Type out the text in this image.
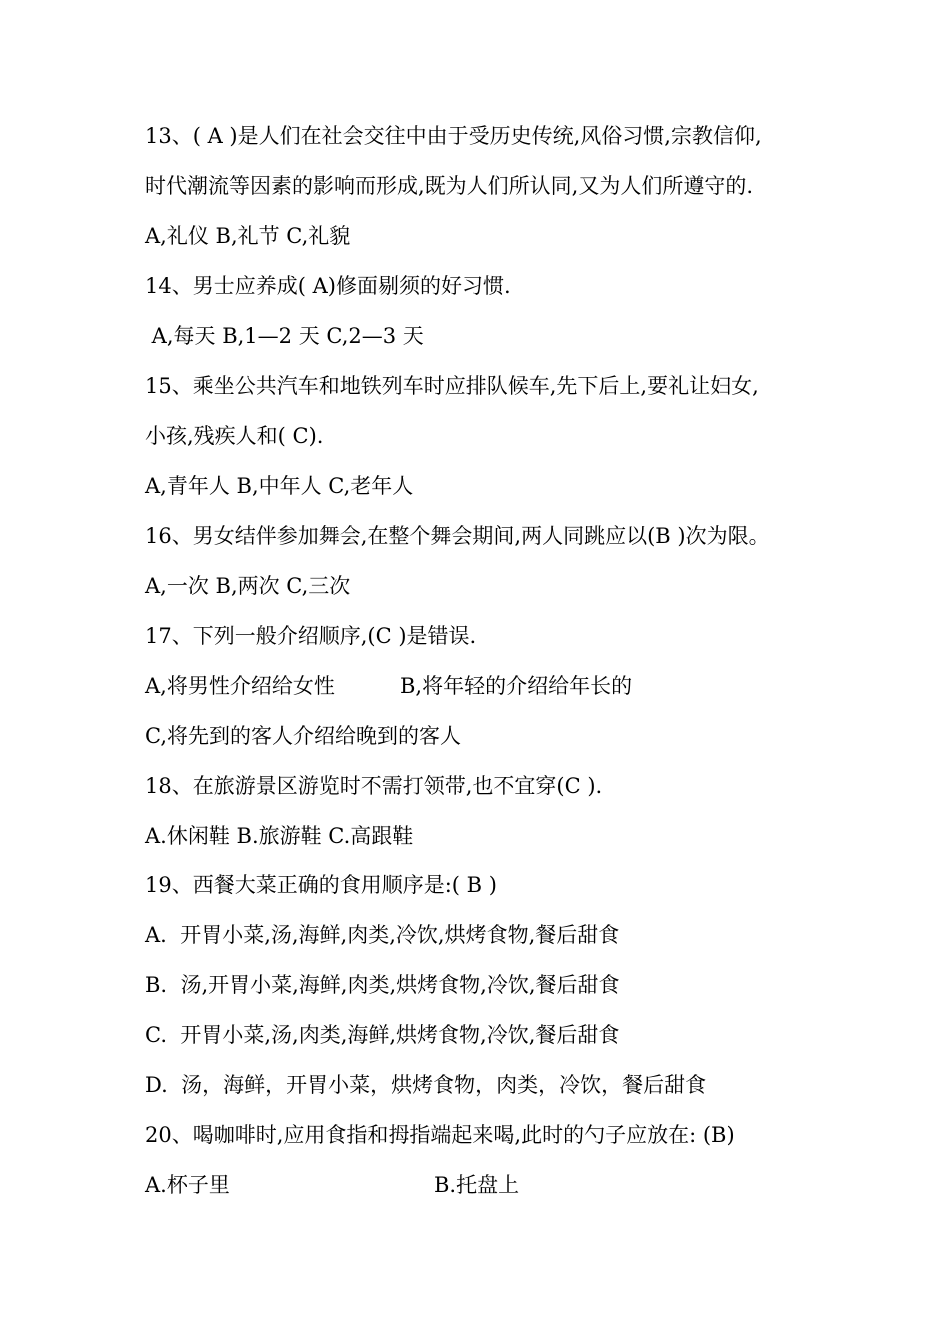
13、( A )是人们在社会交往中由于受历史传统,风俗习惯,宗教信仰,
时代潮流等因素的影响而形成,既为人们所认同,又为人们所遵守的.
A,礼仪 B,礼节 C,礼貌
14、男士应养成( A)修面剔须的好习惯.
A,每天 B,1—2 天 C,2—3 天
15、乘坐公共汽车和地铁列车时应排队候车,先下后上,要礼让妇女,
小孩,残疾人和( C).
A,青年人 B,中年人 C,老年人
16、男女结伴参加舞会,在整个舞会期间,两人同跳应以(B )次为限。
A,一次 B,两次 C,三次
17、下列一般介绍顺序,(C )是错误.
A,将男性介绍给女性	B,将年轻的介绍给年长的
C,将先到的客人介绍给晚到的客人
18、在旅游景区游览时不需打领带,也不宜穿(C ).
A.休闲鞋 B.旅游鞋 C.高跟鞋
19、西餐大菜正确的食用顺序是:( B )
A.  开胃小菜,汤,海鲜,肉类,冷饮,烘烤食物,餐后甜食
B.  汤,开胃小菜,海鲜,肉类,烘烤食物,冷饮,餐后甜食
C.  开胃小菜,汤,肉类,海鲜,烘烤食物,冷饮,餐后甜食
D.  汤，海鲜，开胃小菜，烘烤食物，肉类，冷饮，餐后甜食
20、喝咖啡时,应用食指和拇指端起来喝,此时的勺子应放在: (B)
A.杯子里	B.托盘上
